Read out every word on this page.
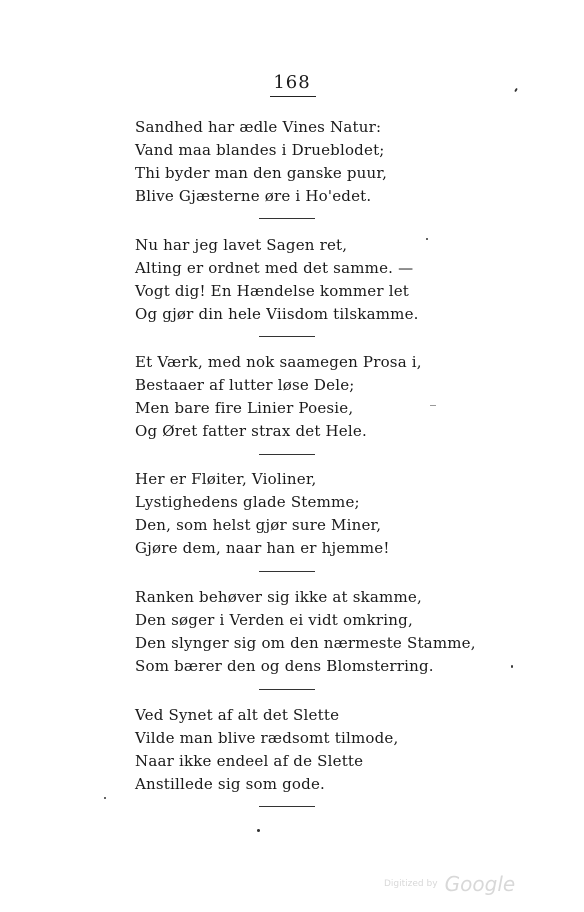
168
Sandhed har ædle Vines Natur:
Vand maa blandes i Drueblodet;
Thi byder man den ganske puur,
Blive Gjæsterne øre i Ho'edet.
Nu har jeg lavet Sagen ret,
Alting er ordnet med det samme. —
Vogt dig! En Hændelse kommer let
Og gjør din hele Viisdom tilskamme.
Et Værk, med nok saamegen Prosa i,
Bestaaer af lutter løse Dele;
Men bare fire Linier Poesie,
Og Øret fatter strax det Hele.
Her er Fløiter, Violiner,
Lystighedens glade Stemme;
Den, som helst gjør sure Miner,
Gjøre dem, naar han er hjemme!
Ranken behøver sig ikke at skamme,
Den søger i Verden ei vidt omkring,
Den slynger sig om den nærmeste Stamme,
Som bærer den og dens Blomsterring.
Ved Synet af alt det Slette
Vilde man blive rædsomt tilmode,
Naar ikke endeel af de Slette
Anstillede sig som gode.
Digitized by Google
